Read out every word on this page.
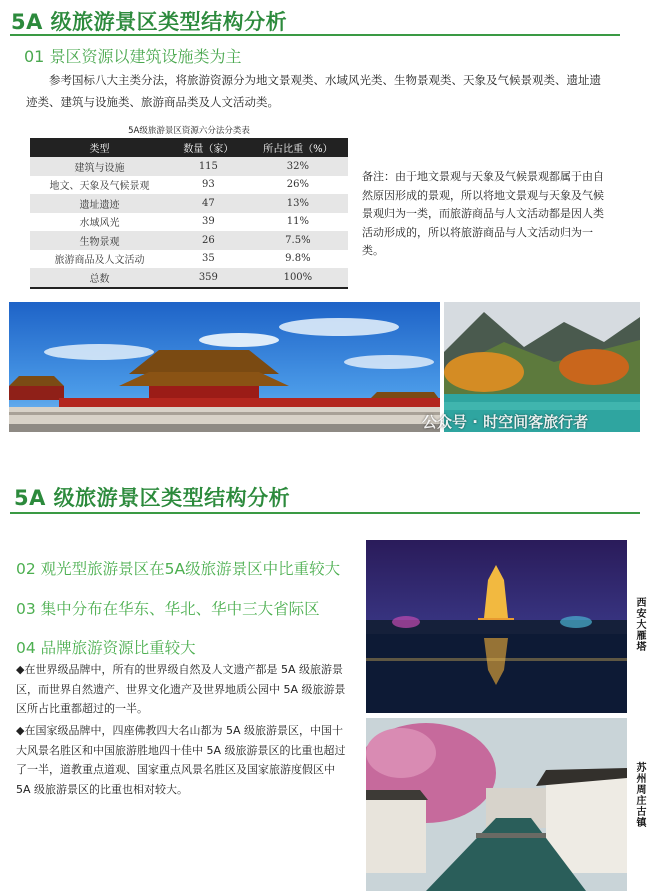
5A 级旅游景区类型结构分析
01 景区资源以建筑设施类为主
参考国标八大主类分法，将旅游资源分为地文景观类、水域风光类、生物景观类、天象及气候景观类、遗址遗迹类、建筑与设施类、旅游商品类及人文活动类。
5A级旅游景区资源六分法分类表
类型	数量（家）	所占比重（%）
建筑与设施	115	32%
地文、天象及气候景观	93	26%
遗址遗迹	47	13%
水域风光	39	11%
生物景观	26	7.5%
旅游商品及人文活动	35	9.8%
总数	359	100%
备注：由于地文景观与天象及气候景观都属于由自然原因形成的景观，所以将地文景观与天象及气候景观归为一类，而旅游商品与人文活动都是因人类活动形成的，所以将旅游商品与人文活动归为一类。
公众号 · 时空间客旅行者
5A 级旅游景区类型结构分析
02 观光型旅游景区在5A级旅游景区中比重较大
03 集中分布在华东、华北、华中三大省际区
04 品牌旅游资源比重较大
◆在世界级品牌中，所有的世界级自然及人文遗产都是 5A 级旅游景区，而世界自然遗产、世界文化遗产及世界地质公园中 5A 级旅游景区所占比重都超过的一半。
◆在国家级品牌中，四座佛教四大名山都为 5A 级旅游景区，中国十大风景名胜区和中国旅游胜地四十佳中 5A 级旅游景区的比重也超过了一半，道教重点道观、国家重点风景名胜区及国家旅游度假区中 5A 级旅游景区的比重也相对较大。
西安大雁塔
苏州周庄古镇
